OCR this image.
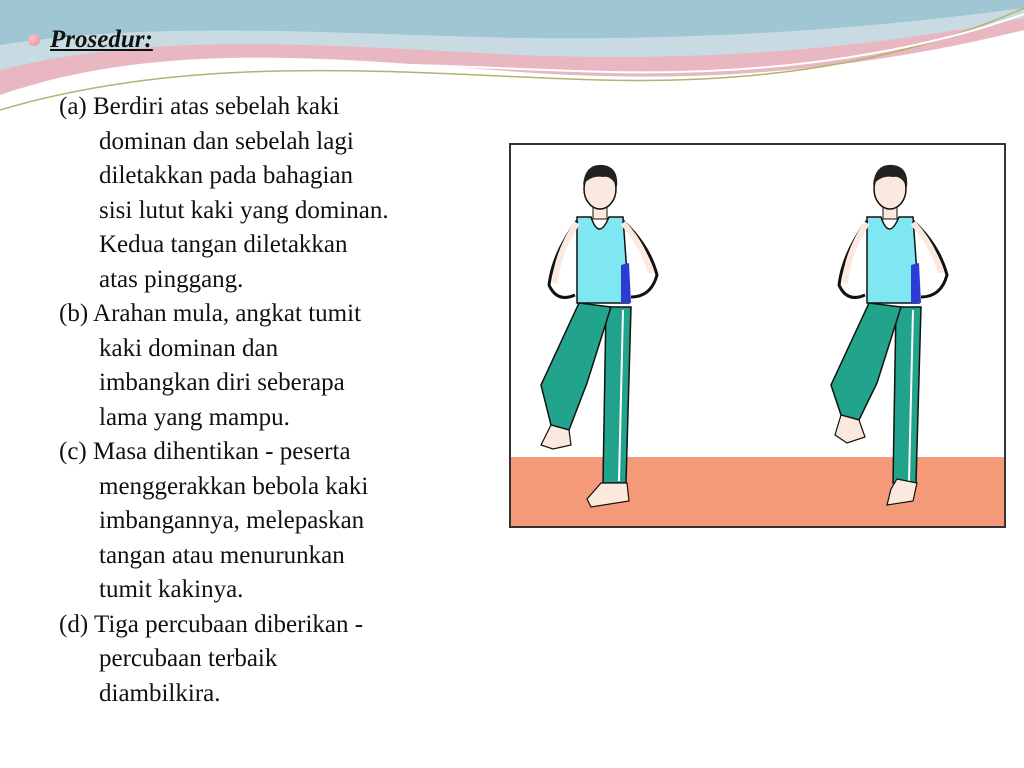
Prosedur:
(a) Berdiri atas sebelah kaki
dominan dan sebelah lagi
diletakkan pada bahagian
sisi lutut kaki yang dominan.
Kedua tangan diletakkan
atas pinggang.
(b) Arahan mula, angkat tumit
kaki dominan dan
imbangkan diri seberapa
lama yang mampu.
(c) Masa dihentikan - peserta
menggerakkan bebola kaki
imbangannya, melepaskan
tangan atau menurunkan
tumit kakinya.
(d) Tiga percubaan diberikan -
percubaan terbaik
diambilkira.
